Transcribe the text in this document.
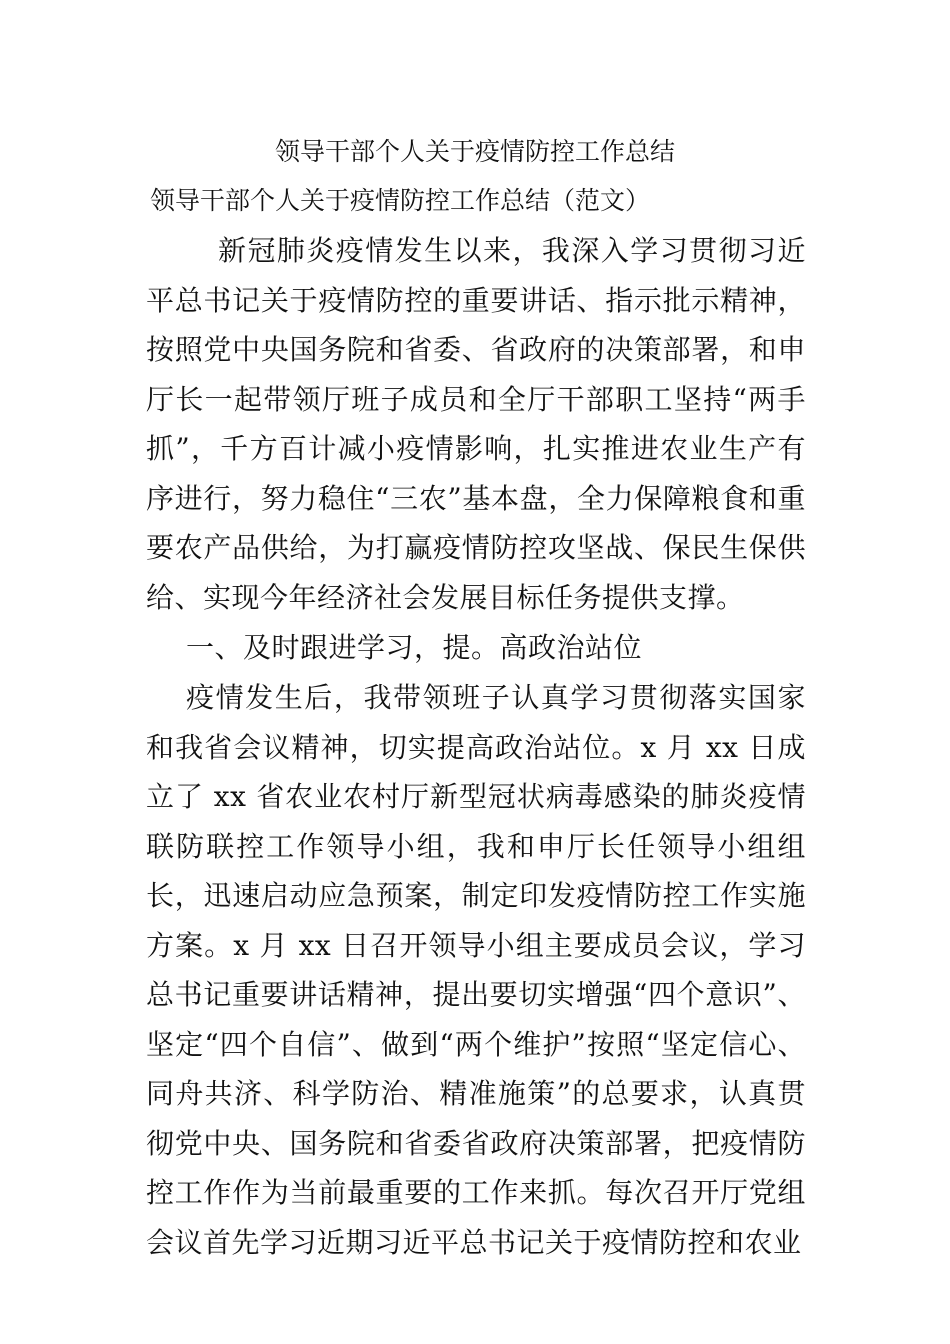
领导干部个人关于疫情防控工作总结
领导干部个人关于疫情防控工作总结（范文）

新冠肺炎疫情发生以来，我深入学习贯彻习近平总书记关于疫情防控的重要讲话、指示批示精神，按照党中央国务院和省委、省政府的决策部署，和申厅长一起带领厅班子成员和全厅干部职工坚持“两手抓”，千方百计减小疫情影响，扎实推进农业生产有序进行，努力稳住“三农”基本盘，全力保障粮食和重要农产品供给，为打赢疫情防控攻坚战、保民生保供给、实现今年经济社会发展目标任务提供支撑。

一、及时跟进学习，提。高政治站位

疫情发生后，我带领班子认真学习贯彻落实国家和我省会议精神，切实提高政治站位。x 月 xx 日成立了 xx 省农业农村厅新型冠状病毒感染的肺炎疫情联防联控工作领导小组，我和申厅长任领导小组组长，迅速启动应急预案，制定印发疫情防控工作实施方案。x 月 xx 日召开领导小组主要成员会议，学习总书记重要讲话精神，提出要切实增强“四个意识”、坚定“四个自信”、做到“两个维护”按照“坚定信心、同舟共济、科学防治、精准施策”的总要求，认真贯彻党中央、国务院和省委省政府决策部署，把疫情防控工作作为当前最重要的工作来抓。每次召开厅党组会议首先学习近期习近平总书记关于疫情防控和农业
